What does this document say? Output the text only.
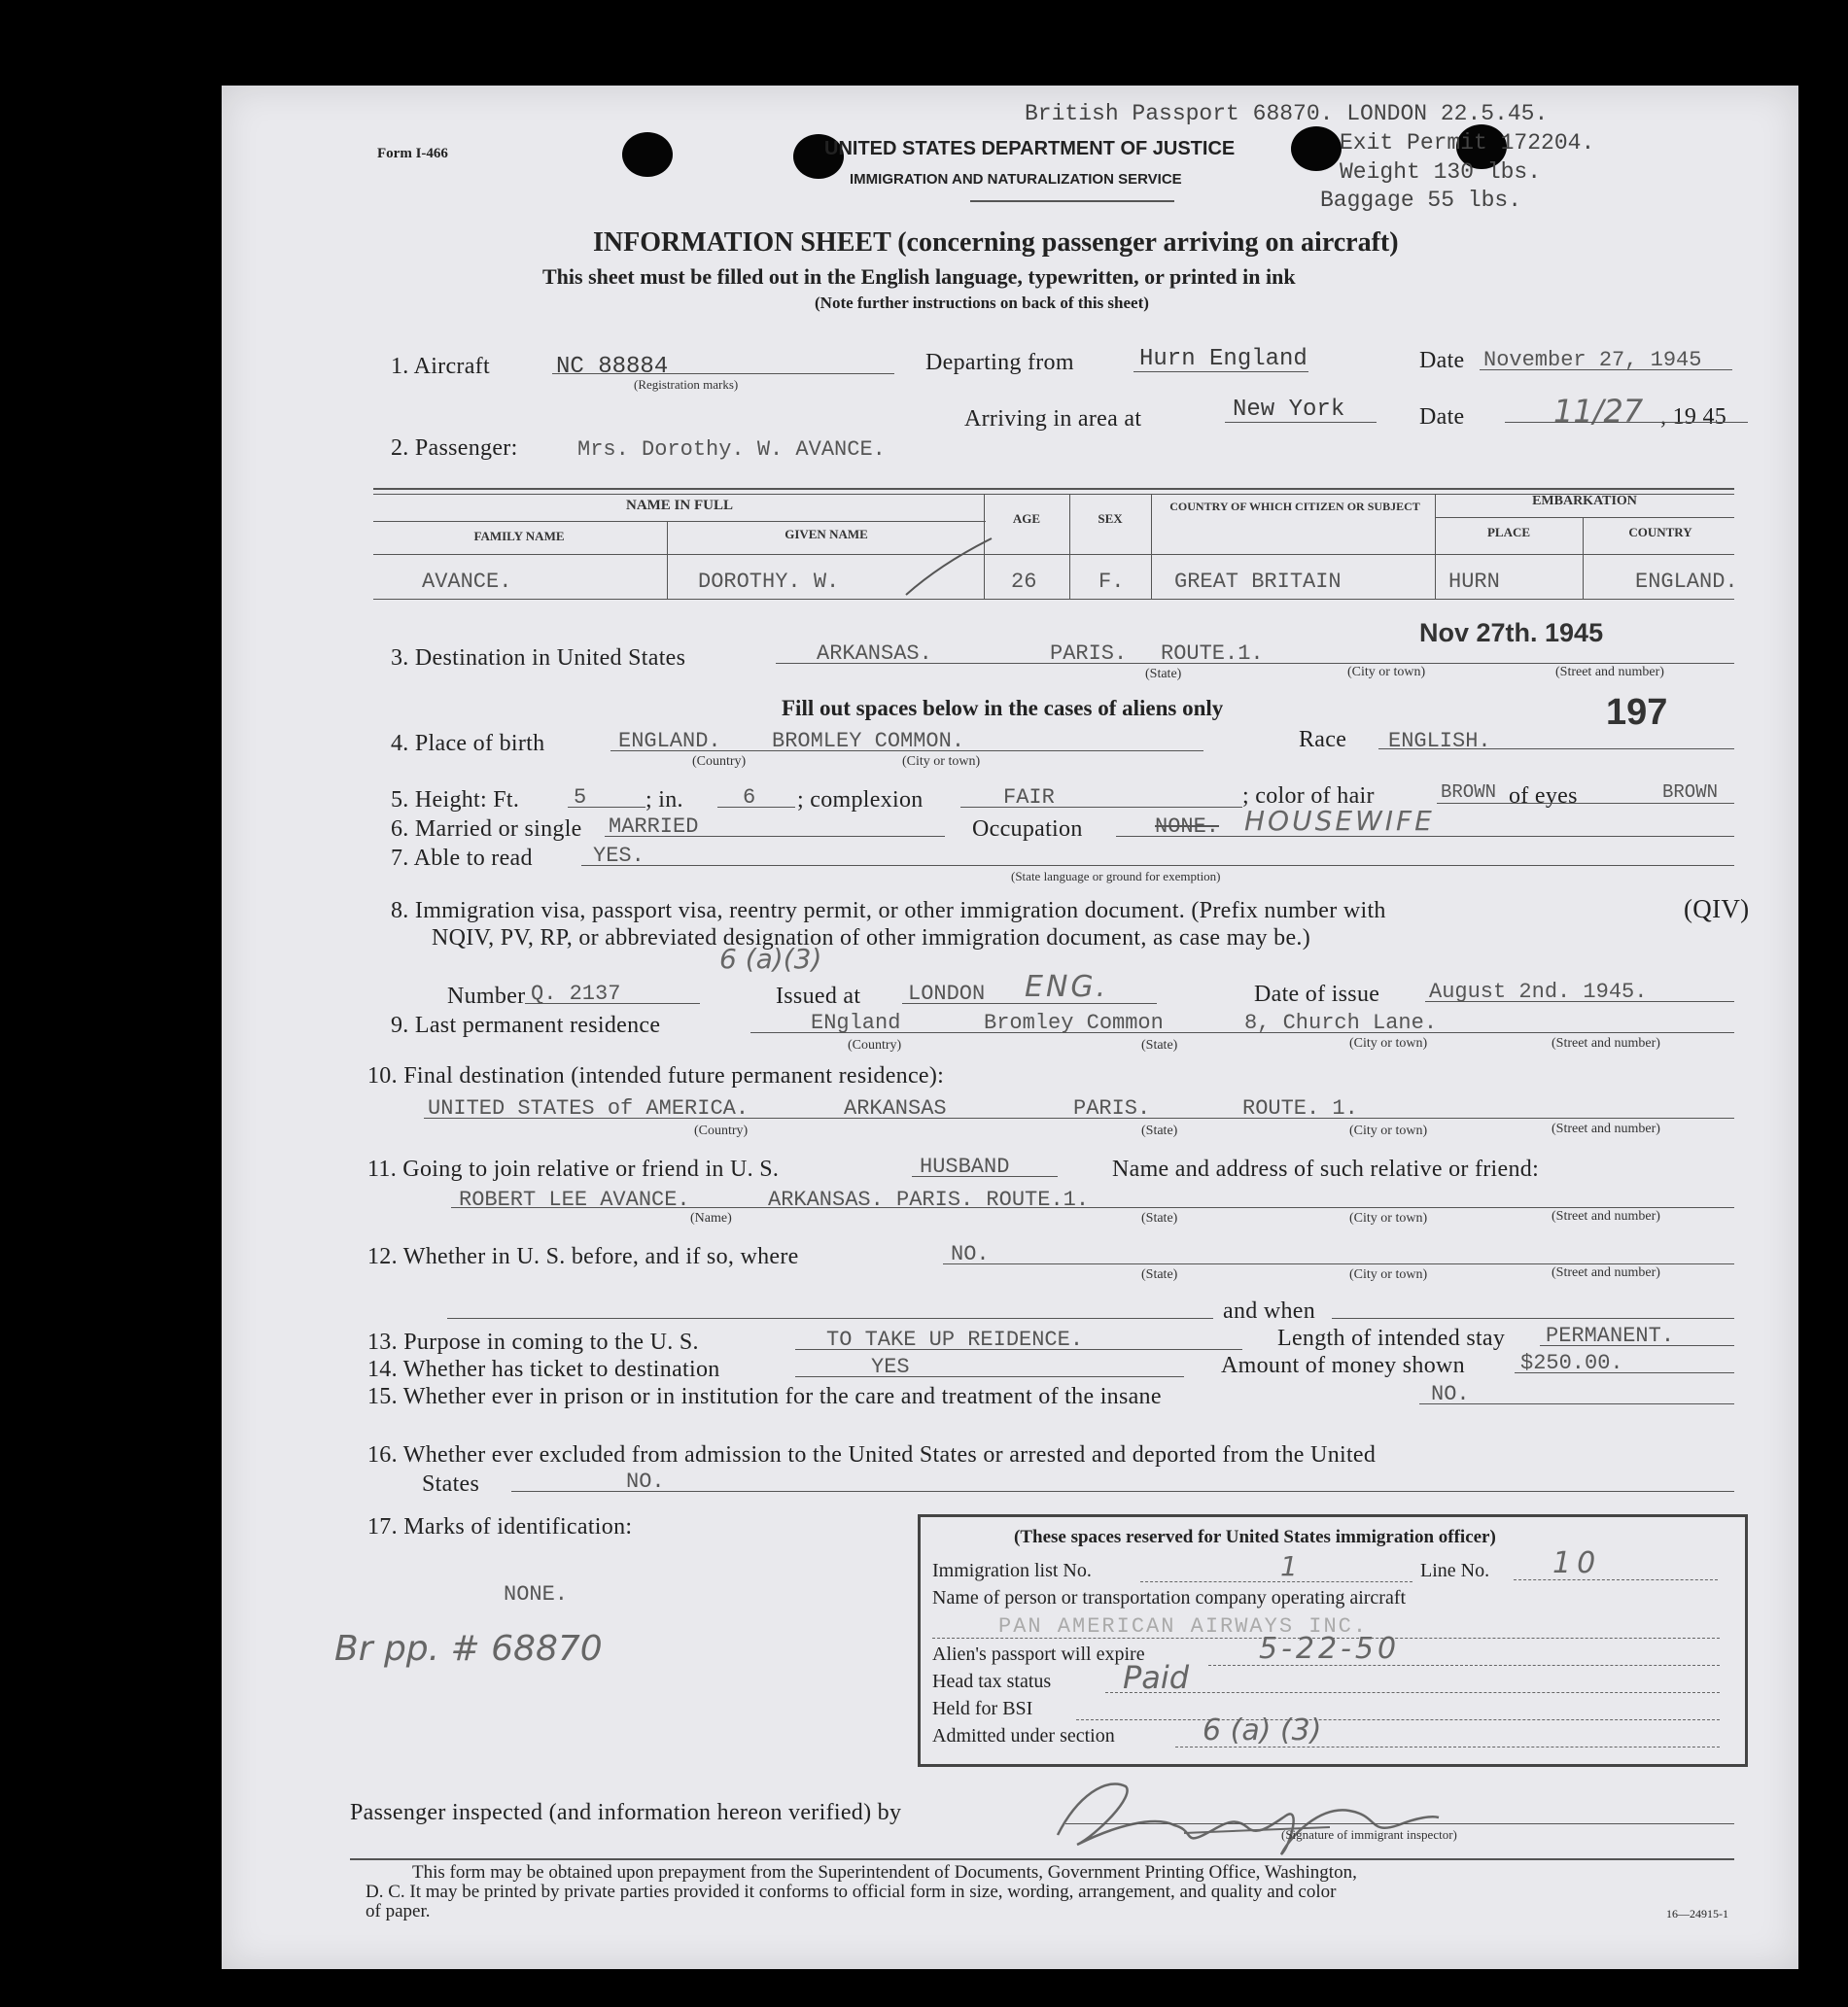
Form I-466
British Passport 68870. LONDON 22.5.45.
Exit Permit 172204.
Weight 130 lbs.
Baggage 55 lbs.
UNITED STATES DEPARTMENT OF JUSTICE
IMMIGRATION AND NATURALIZATION SERVICE
INFORMATION SHEET (concerning passenger arriving on aircraft)
This sheet must be filled out in the English language, typewritten, or printed in ink
(Note further instructions on back of this sheet)
1. Aircraft	NC 88884
(Registration marks)
Departing from	Hurn England	Date November 27, 1945
Arriving in area at	New York	Date	11/27 , 19 45
2. Passenger:	Mrs. Dorothy. W. AVANCE.
NAME IN FULL
FAMILY NAME	GIVEN NAME
AGE	SEX
COUNTRY OF WHICH CITIZEN OR SUBJECT	EMBARKATION
PLACE	COUNTRY
AVANCE.	DOROTHY. W.	26	F. GREAT BRITAIN	HURN	ENGLAND.
Nov 27th. 1945
3. Destination in United States	ARKANSAS.	PARIS. ROUTE.1.
(State)	(City or town)	(Street and number)
Fill out spaces below in the cases of aliens only	197
4. Place of birth	ENGLAND. BROMLEY COMMON.	Race ENGLISH.
(Country)	(City or town)
5. Height: Ft.	5	; in.	6 ; complexion	FAIR	; color of hair	BROWN of eyes	BROWN
6. Married or single MARRIED	Occupation	NONE. HOUSEWIFE
7. Able to read	YES.
(State language or ground for exemption)
8. Immigration visa, passport visa, reentry permit, or other immigration document. (Prefix number with	(QIV)
NQIV, PV, RP, or abbreviated designation of other immigration document, as case may be.)
6 (a)(3)
Number Q. 2137	Issued at LONDON ENG.	Date of issue August 2nd. 1945.
9. Last permanent residence	ENgland	Bromley Common	8, Church Lane.
(Country)	(State)	(City or town)	(Street and number)
10. Final destination (intended future permanent residence):
UNITED STATES of AMERICA.	ARKANSAS	PARIS.	ROUTE. 1.
(Country)	(State)	(City or town)	(Street and number)
11. Going to join relative or friend in U. S.	HUSBAND	Name and address of such relative or friend:
ROBERT LEE AVANCE.	ARKANSAS. PARIS. ROUTE.1.
(Name)	(State)	(City or town)	(Street and number)
12. Whether in U. S. before, and if so, where	NO.
(State)	(City or town)	(Street and number)
and when
13. Purpose in coming to the U. S.	TO TAKE UP REIDENCE.	Length of intended stay PERMANENT.
14. Whether has ticket to destination	YES	Amount of money shown	$250.00.
15. Whether ever in prison or in institution for the care and treatment of the insane	NO.
16. Whether ever excluded from admission to the United States or arrested and deported from the United
States	NO.
17. Marks of identification:
NONE.
Br pp. # 68870
(These spaces reserved for United States immigration officer)
Immigration list No.	1	Line No. 10
Name of person or transportation company operating aircraft
PAN AMERICAN AIRWAYS INC.
Alien's passport will expire	5-22-50
Head tax status Paid
Held for BSI
Admitted under section	6 (a) (3)
Passenger inspected (and information hereon verified) by
(Signature of immigrant inspector)
This form may be obtained upon prepayment from the Superintendent of Documents, Government Printing Office, Washington,
D. C. It may be printed by private parties provided it conforms to official form in size, wording, arrangement, and quality and color
of paper.	16—24915-1
